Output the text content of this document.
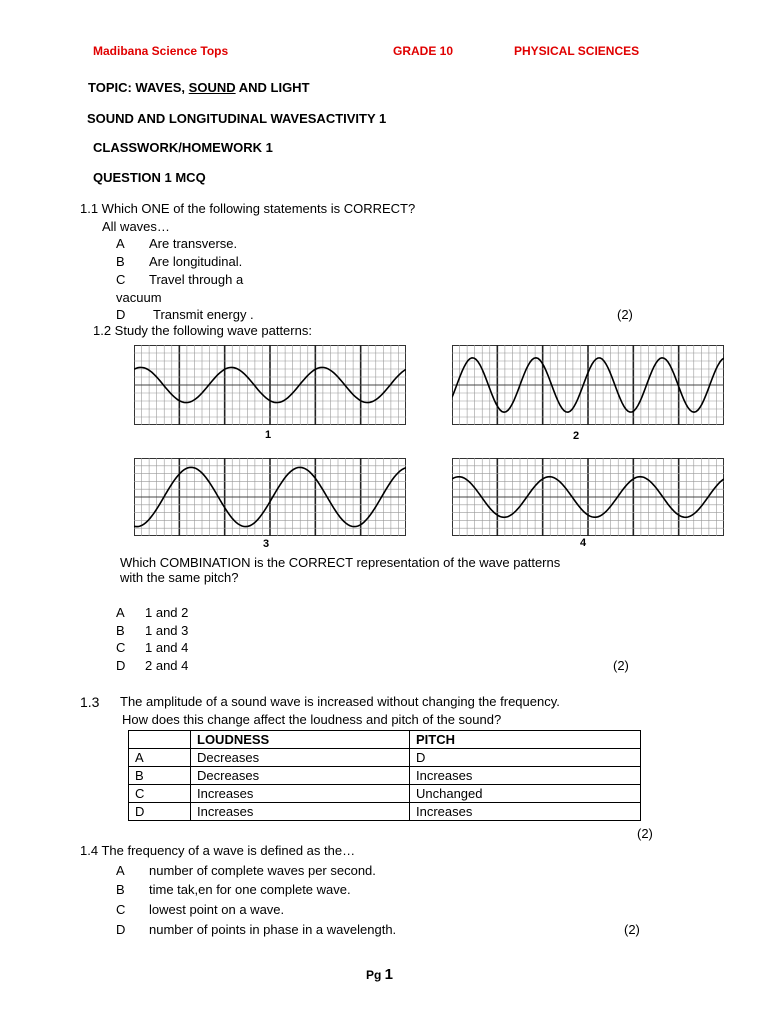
Madibana Science Tops	GRADE 10	PHYSICAL SCIENCES
TOPIC: WAVES, SOUND AND LIGHT
SOUND AND LONGITUDINAL WAVESACTIVITY 1
CLASSWORK/HOMEWORK 1
QUESTION 1 MCQ
1.1 Which ONE of the following statements is CORRECT?
All waves…
A Are transverse.
B Are longitudinal.
C Travel through a
vacuum
D Transmit energy .	(2)
1.2 Study the following wave patterns:
1	2
3	4
Which COMBINATION is the CORRECT representation of the wave patterns
with the same pitch?
A 1 and 2
B 1 and 3
C 1 and 4
D 2 and 4	(2)
1.3 The amplitude of a sound wave is increased without changing the frequency.
How does this change affect the loudness and pitch of the sound?
	LOUDNESS	PITCH
A	Decreases	D
B	Decreases	Increases
C	Increases	Unchanged
D	Increases	Increases
(2)
1.4 The frequency of a wave is defined as the…
A number of complete waves per second.
B time tak,en for one complete wave.
C lowest point on a wave.
D number of points in phase in a wavelength.	(2)
Pg 1
